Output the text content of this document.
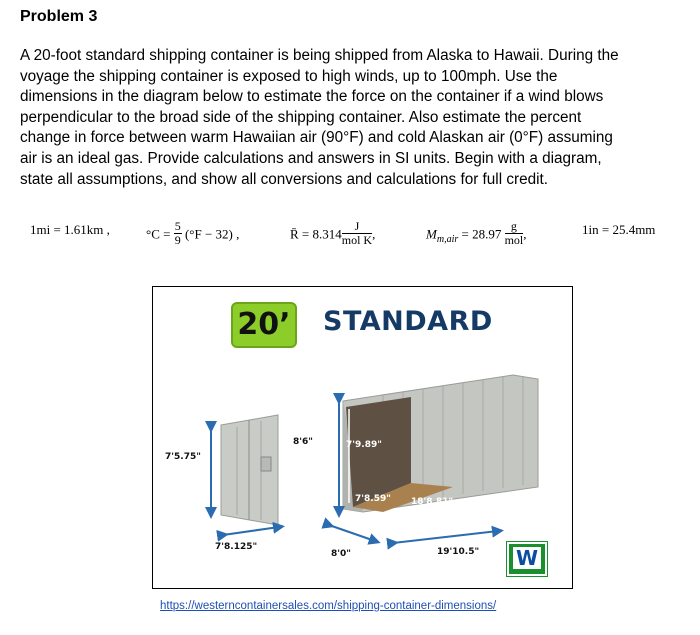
Problem 3
A 20-foot standard shipping container is being shipped from Alaska to Hawaii. During the
voyage the shipping container is exposed to high winds, up to 100mph. Use the
dimensions in the diagram below to estimate the force on the container if a wind blows
perpendicular to the broad side of the shipping container. Also estimate the percent
change in force between warm Hawaiian air (90°F) and cold Alaskan air (0°F) assuming
air is an ideal gas. Provide calculations and answers in SI units. Begin with a diagram,
state all assumptions, and show all conversions and calculations for full credit.
1mi = 1.61km ,	$^\circ C = \frac{5}{9} (^\circ F - 32)$ ,	R̄ = $8.314 \frac{J}{\text{mol K}}$ ,	$M_{m,air} = 28.97 \frac{g}{\text{mol}}$ ,	1in = 25.4mm
20’ STANDARD
7'5.75"
7'8.125"
8'6"	7'9.89"
7'8.59" 18'8.81"
8'0"	19'10.5" W
https://westerncontainersales.com/shipping-container-dimensions/
